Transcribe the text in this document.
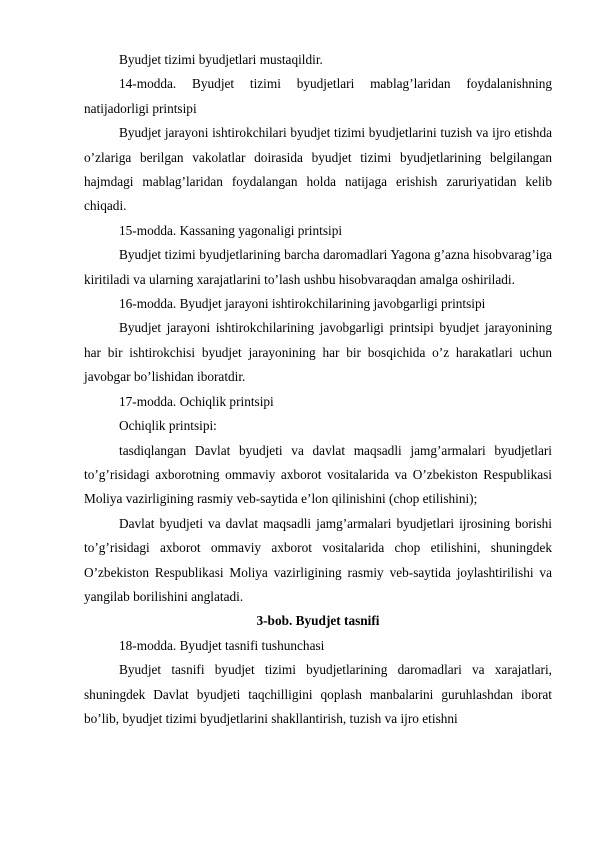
Byudjet tizimi byudjetlari mustaqildir.

14-modda. Byudjet tizimi byudjetlari mablag’laridan foydalanishning natijadorligi printsipi

Byudjet jarayoni ishtirokchilari byudjet tizimi byudjetlarini tuzish va ijro etishda o’zlariga berilgan vakolatlar doirasida byudjet tizimi byudjetlarining belgilangan hajmdagi mablag’laridan foydalangan holda natijaga erishish zaruriyatidan kelib chiqadi.

15-modda. Kassaning yagonaligi printsipi

Byudjet tizimi byudjetlarining barcha daromadlari Yagona g’azna hisobvarag’iga kiritiladi va ularning xarajatlarini to’lash ushbu hisobvaraqdan amalga oshiriladi.

16-modda. Byudjet jarayoni ishtirokchilarining javobgarligi printsipi

Byudjet jarayoni ishtirokchilarining javobgarligi printsipi byudjet jarayonining har bir ishtirokchisi byudjet jarayonining har bir bosqichida o’z harakatlari uchun javobgar bo’lishidan iboratdir.

17-modda. Ochiqlik printsipi

Ochiqlik printsipi:

tasdiqlangan Davlat byudjeti va davlat maqsadli jamg’armalari byudjetlari to’g’risidagi axborotning ommaviy axborot vositalarida va O’zbekiston Respublikasi Moliya vazirligining rasmiy veb-saytida e’lon qilinishini (chop etilishini);

Davlat byudjeti va davlat maqsadli jamg’armalari byudjetlari ijrosining borishi to’g’risidagi axborot ommaviy axborot vositalarida chop etilishini, shuningdek O’zbekiston Respublikasi Moliya vazirligining rasmiy veb-saytida joylashtirilishi va yangilab borilishini anglatadi.

3-bob. Byudjet tasnifi

18-modda. Byudjet tasnifi tushunchasi

Byudjet tasnifi byudjet tizimi byudjetlarining daromadlari va xarajatlari, shuningdek Davlat byudjeti taqchilligini qoplash manbalarini guruhlashdan iborat bo’lib, byudjet tizimi byudjetlarini shakllantirish, tuzish va ijro etishni
